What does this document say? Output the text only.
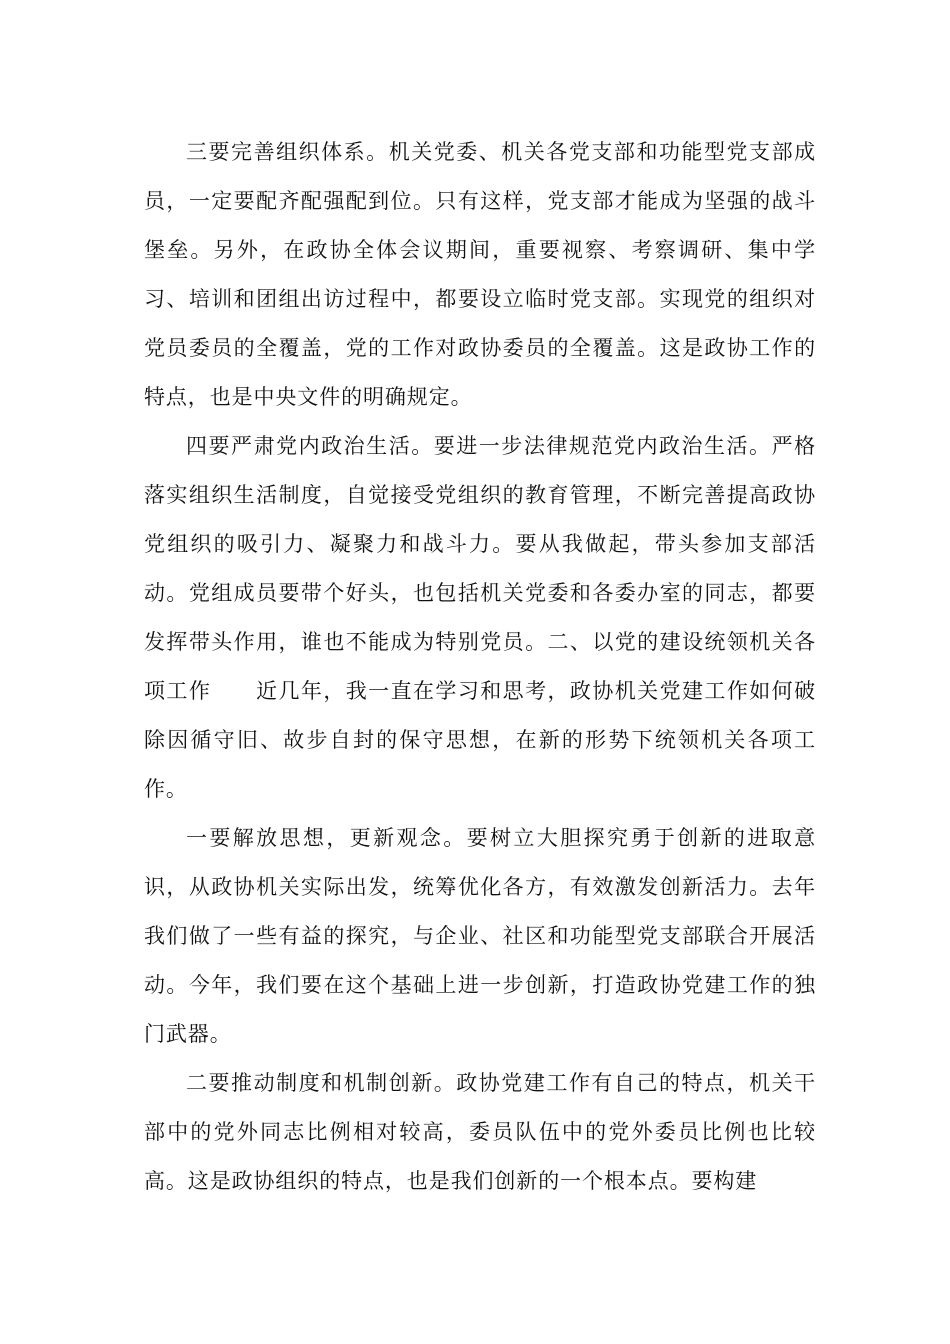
三要完善组织体系。机关党委、机关各党支部和功能型党支部成员，一定要配齐配强配到位。只有这样，党支部才能成为坚强的战斗堡垒。另外，在政协全体会议期间，重要视察、考察调研、集中学习、培训和团组出访过程中，都要设立临时党支部。实现党的组织对党员委员的全覆盖，党的工作对政协委员的全覆盖。这是政协工作的特点，也是中央文件的明确规定。

四要严肃党内政治生活。要进一步法律规范党内政治生活。严格落实组织生活制度，自觉接受党组织的教育管理，不断完善提高政协党组织的吸引力、凝聚力和战斗力。要从我做起，带头参加支部活动。党组成员要带个好头，也包括机关党委和各委办室的同志，都要发挥带头作用，谁也不能成为特别党员。二、以党的建设统领机关各项工作　　近几年，我一直在学习和思考，政协机关党建工作如何破除因循守旧、故步自封的保守思想，在新的形势下统领机关各项工作。

一要解放思想，更新观念。要树立大胆探究勇于创新的进取意识，从政协机关实际出发，统筹优化各方，有效激发创新活力。去年我们做了一些有益的探究，与企业、社区和功能型党支部联合开展活动。今年，我们要在这个基础上进一步创新，打造政协党建工作的独门武器。

二要推动制度和机制创新。政协党建工作有自己的特点，机关干部中的党外同志比例相对较高，委员队伍中的党外委员比例也比较高。这是政协组织的特点，也是我们创新的一个根本点。要构建
